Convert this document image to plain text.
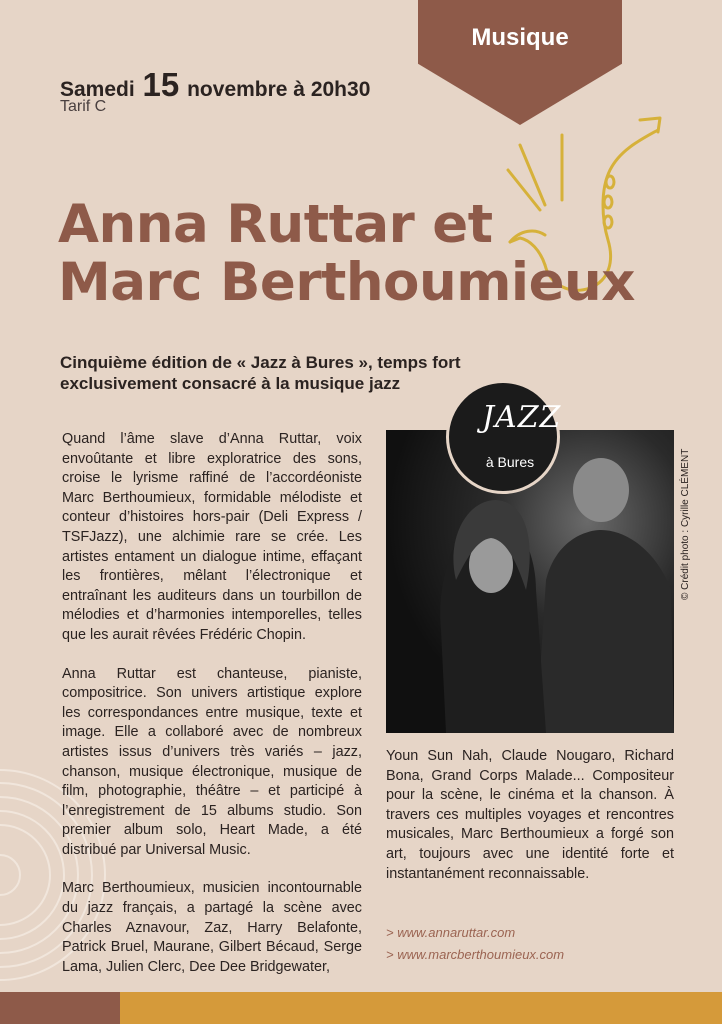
Musique
Samedi 15 novembre à 20h30
Tarif C
Anna Ruttar et
Marc Berthoumieux
Cinquième édition de « Jazz à Bures », temps fort exclusivement consacré à la musique jazz

Quand l’âme slave d’Anna Ruttar, voix envoûtante et libre exploratrice des sons, croise le lyrisme raffiné de l’accordéoniste Marc Berthoumieux, formidable mélodiste et conteur d’histoires hors-pair (Deli Express / TSFJazz), une alchimie rare se crée. Les artistes entament un dialogue intime, effaçant les frontières, mêlant l’électronique et entraînant les auditeurs dans un tourbillon de mélodies et d’harmonies intemporelles, telles que les aurait rêvées Frédéric Chopin.

Anna Ruttar est chanteuse, pianiste, compositrice. Son univers artistique explore les correspondances entre musique, texte et image. Elle a collaboré avec de nombreux artistes issus d’univers très variés – jazz, chanson, musique électronique, musique de film, photographie, théâtre – et participé à l’enregistrement de 15 albums studio. Son premier album solo, Heart Made, a été distribué par Universal Music.

Marc Berthoumieux, musicien incontournable du jazz français, a partagé la scène avec Charles Aznavour, Zaz, Harry Belafonte, Patrick Bruel, Maurane, Gilbert Bécaud, Serge Lama, Julien Clerc, Dee Dee Bridgewater,

JAZZ
à Bures	© Crédit photo : Cyrille CLÉMENT

Youn Sun Nah, Claude Nougaro, Richard Bona, Grand Corps Malade... Compositeur pour la scène, le cinéma et la chanson. À travers ces multiples voyages et rencontres musicales, Marc Berthoumieux a forgé son art, toujours avec une identité forte et instantanément reconnaissable.

> www.annaruttar.com
> www.marcberthoumieux.com
